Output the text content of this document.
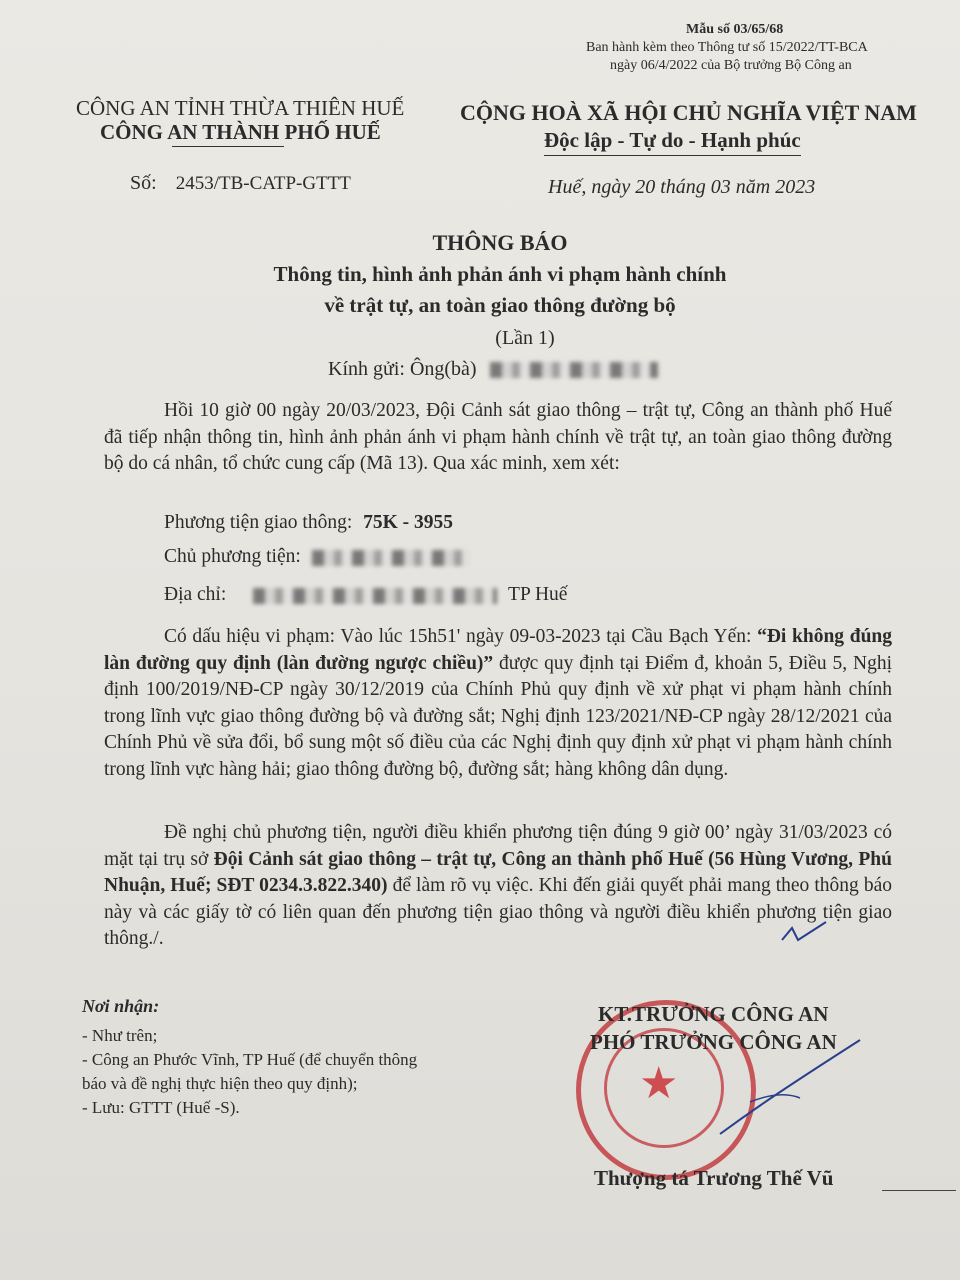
Mẫu số 03/65/68
Ban hành kèm theo Thông tư số 15/2022/TT-BCA
ngày 06/4/2022 của Bộ trưởng Bộ Công an
CÔNG AN TỈNH THỪA THIÊN HUẾ
CÔNG AN THÀNH PHỐ HUẾ
Số: 2453/TB-CATP-GTTT
CỘNG HOÀ XÃ HỘI CHỦ NGHĨA VIỆT NAM
Độc lập - Tự do - Hạnh phúc
Huế, ngày 20 tháng 03 năm 2023
THÔNG BÁO
Thông tin, hình ảnh phản ánh vi phạm hành chính
về trật tự, an toàn giao thông đường bộ
(Lần 1)
Kính gửi: Ông(bà)
Hồi 10 giờ 00 ngày 20/03/2023, Đội Cảnh sát giao thông – trật tự, Công an thành phố Huế đã tiếp nhận thông tin, hình ảnh phản ánh vi phạm hành chính về trật tự, an toàn giao thông đường bộ do cá nhân, tổ chức cung cấp (Mã 13). Qua xác minh, xem xét:
Phương tiện giao thông: 75K - 3955
Chủ phương tiện:
Địa chỉ:	TP Huế
Có dấu hiệu vi phạm: Vào lúc 15h51' ngày 09-03-2023 tại Cầu Bạch Yến: “Đi không đúng làn đường quy định (làn đường ngược chiều)” được quy định tại Điểm đ, khoản 5, Điều 5, Nghị định 100/2019/NĐ-CP ngày 30/12/2019 của Chính Phủ quy định về xử phạt vi phạm hành chính trong lĩnh vực giao thông đường bộ và đường sắt; Nghị định 123/2021/NĐ-CP ngày 28/12/2021 của Chính Phủ về sửa đổi, bổ sung một số điều của các Nghị định quy định xử phạt vi phạm hành chính trong lĩnh vực hàng hải; giao thông đường bộ, đường sắt; hàng không dân dụng.
Đề nghị chủ phương tiện, người điều khiển phương tiện đúng 9 giờ 00’ ngày 31/03/2023 có mặt tại trụ sở Đội Cảnh sát giao thông – trật tự, Công an thành phố Huế (56 Hùng Vương, Phú Nhuận, Huế; SĐT 0234.3.822.340) để làm rõ vụ việc. Khi đến giải quyết phải mang theo thông báo này và các giấy tờ có liên quan đến phương tiện giao thông và người điều khiển phương tiện giao thông./.
Nơi nhận:
- Như trên;
- Công an Phước Vĩnh, TP Huế (để chuyển thông
báo và đề nghị thực hiện theo quy định);
- Lưu: GTTT (Huế -S).	★
KT.TRƯỞNG CÔNG AN
PHÓ TRƯỞNG CÔNG AN
Thượng tá Trương Thế Vũ
